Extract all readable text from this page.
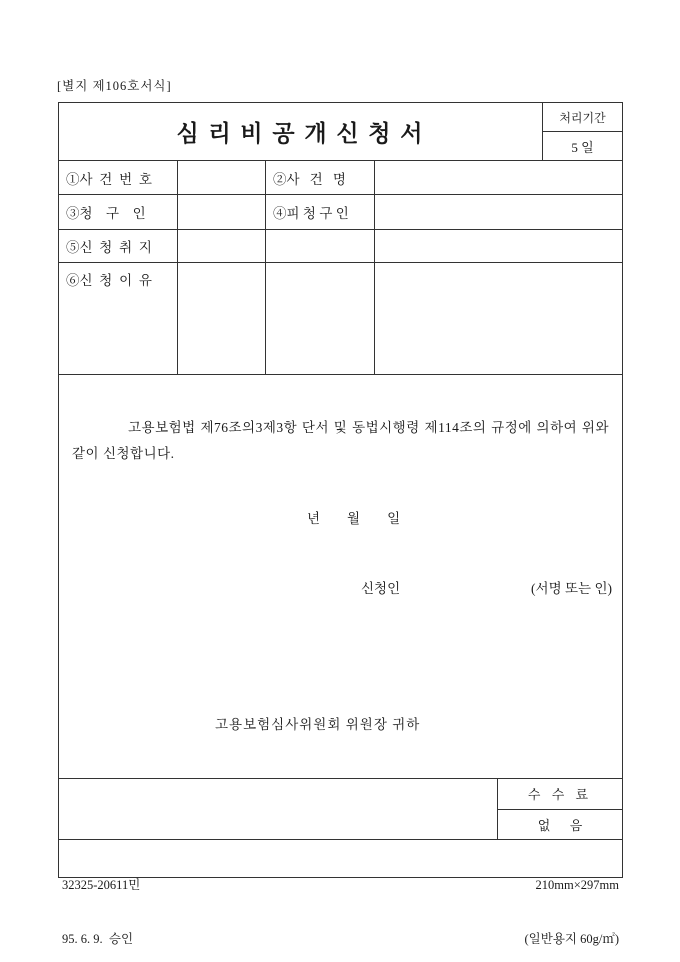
[별지 제106호서식]
심 리 비 공 개 신 청 서
처리기간
5 일
①사  건  번  호	②사   건   명
③청    구    인	④피 청 구 인
⑤신  청  취  지
⑥신  청  이  유

고용보험법 제76조의3제3항 단서 및 동법시행령 제114조의 규정에 의하여 위와 같이 신청합니다.

년        월        일
신청인	(서명 또는 인)
고용보험심사위원회 위원장 귀하
수 수 료
없      음

32325-20611민

95. 6. 9.  승인

210mm×297mm

(일반용지 60g/㎡)
